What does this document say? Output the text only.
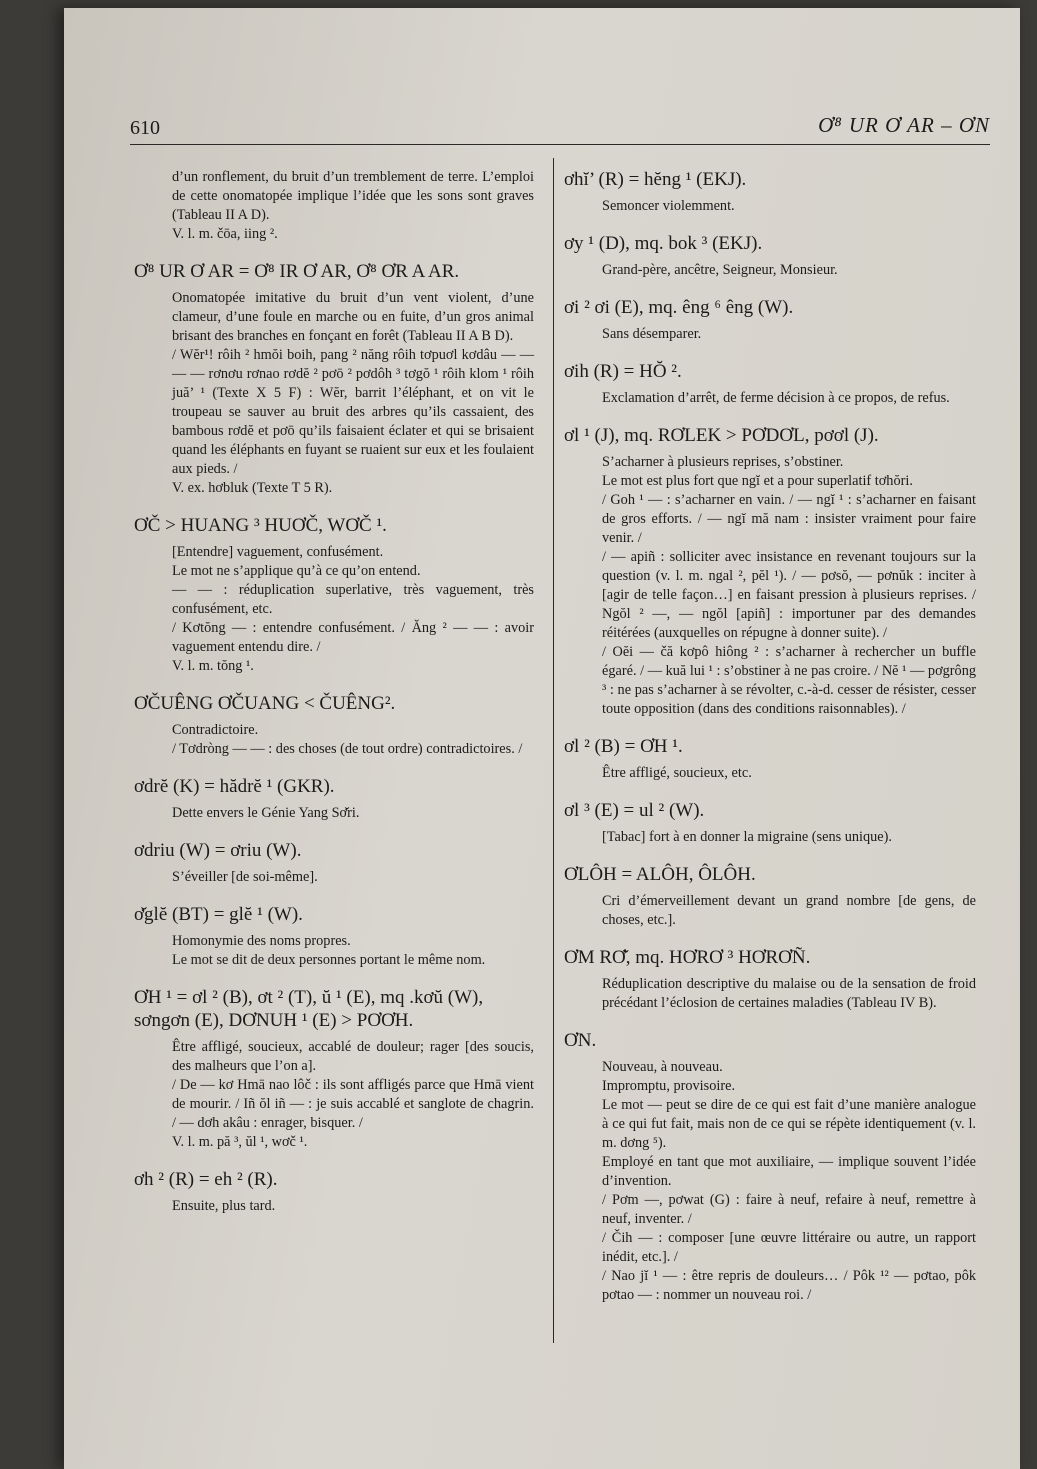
610	Ơ⁸ UR Ơ AR – ƠN
d’un ronflement, du bruit d’un tremblement de terre. L’emploi de cette onomatopée implique l’idée que les sons sont graves (Tableau II A D).
V. l. m. čōa, iing ².
Ơ⁸ UR Ơ AR = Ơ⁸ IR Ơ AR, Ơ⁸ ƠR A AR.
Onomatopée imitative du bruit d’un vent violent, d’une clameur, d’une foule en marche ou en fuite, d’un gros animal brisant des branches en fonçant en forêt (Tableau II A B D).
/ Wĕr¹! rôih ² hmŏi boih, pang ² năng rôih tơpuơl kơdâu — — — — rơnơu rơnao rơdĕ ² pơō ² pơdôh ³ tơgŏ ¹ rôih klom ¹ rôih juă’ ¹ (Texte X 5 F) : Wĕr, barrit l’éléphant, et on vit le troupeau se sauver au bruit des arbres qu’ils cassaient, des bambous rơdĕ et pơō qu’ils faisaient éclater et qui se brisaient quand les éléphants en fuyant se ruaient sur eux et les foulaient aux pieds. /
V. ex. hơbluk (Texte T 5 R).
ƠČ > HUANG ³ HUƠČ, WƠČ ¹.
[Entendre] vaguement, confusément.
Le mot ne s’applique qu’à ce qu’on entend.
— — : réduplication superlative, très vaguement, très confusément, etc.
/ Kơtŏng — : entendre confusément. / Ăng ² — — : avoir vaguement entendu dire. /
V. l. m. tŏng ¹.
ƠČUÊNG ƠČUANG < ČUÊNG².
Contradictoire.
/ Tơdròng — — : des choses (de tout ordre) contradictoires. /
ơdrĕ (K) = hădrĕ ¹ (GKR).
Dette envers le Génie Yang Sơ̆ri.
ơdriu (W) = ơriu (W).
S’éveiller [de soi-même].
ơ̆glĕ (BT) = glĕ ¹ (W).
Homonymie des noms propres.
Le mot se dit de deux personnes portant le même nom.
ƠH ¹ = ơl ² (B), ơt ² (T), ŭ ¹ (E), mq .kơŭ (W), sơngơn (E), DƠNUH ¹ (E) > PƠƠH.
Être affligé, soucieux, accablé de douleur; rager [des soucis, des malheurs que l’on a].
/ De — kơ Hmā nao lôč : ils sont affligés parce que Hmā vient de mourir. / Iñ ŏl iñ — : je suis accablé et sanglote de chagrin. / — dơh akâu : enrager, bisquer. /
V. l. m. pă ³, ŭl ¹, wơč ¹.
ơh ² (R) = eh ² (R).
Ensuite, plus tard.
ơhĭ’ (R) = hĕng ¹ (EKJ).
Semoncer violemment.
ơy ¹ (D), mq. bok ³ (EKJ).
Grand-père, ancêtre, Seigneur, Monsieur.
ơi ² ơi (E), mq. êng ⁶ êng (W).
Sans désemparer.
ơih (R) = HŎ ².
Exclamation d’arrêt, de ferme décision à ce propos, de refus.
ơl ¹ (J), mq. RƠLEK > PƠDƠL, pơơl (J).
S’acharner à plusieurs reprises, s’obstiner.
Le mot est plus fort que ngĭ et a pour superlatif tơhŏri.
/ Goh ¹ — : s’acharner en vain. / — ngĭ ¹ : s’acharner en faisant de gros efforts. / — ngĭ mă nam : insister vraiment pour faire venir. /
/ — apiñ : solliciter avec insistance en revenant toujours sur la question (v. l. m. ngal ², pĕl ¹). / — pơsŏ, — pơnŭk : inciter à [agir de telle façon…] en faisant pression à plusieurs reprises. / Ngŏl ² —, — ngŏl [apiñ] : importuner par des demandes réitérées (auxquelles on répugne à donner suite). /
/ Oĕi — čă kơpô hiông ² : s’acharner à rechercher un buffle égaré. / — kuă lui ¹ : s’obstiner à ne pas croire. / Nĕ ¹ — pơgrông ³ : ne pas s’acharner à se révolter, c.-à-d. cesser de résister, cesser toute opposition (dans des conditions raisonnables). /
ơl ² (B) = ƠH ¹.
Être affligé, soucieux, etc.
ơl ³ (E) = ul ² (W).
[Tabac] fort à en donner la migraine (sens unique).
ƠLÔH = ALÔH, ÔLÔH.
Cri d’émerveillement devant un grand nombre [de gens, de choses, etc.].
ƠM RƠ̆, mq. HƠRƠ ³ HƠRƠÑ.
Réduplication descriptive du malaise ou de la sensation de froid précédant l’éclosion de certaines maladies (Tableau IV B).
ƠN.
Nouveau, à nouveau.
Impromptu, provisoire.
Le mot — peut se dire de ce qui est fait d’une manière analogue à ce qui fut fait, mais non de ce qui se répète identiquement (v. l. m. dơng ⁵).
Employé en tant que mot auxiliaire, — implique souvent l’idée d’invention.
/ Pơm —, pơwat (G) : faire à neuf, refaire à neuf, remettre à neuf, inventer. /
/ Čih — : composer [une œuvre littéraire ou autre, un rapport inédit, etc.]. /
/ Nao jĭ ¹ — : être repris de douleurs… / Pôk ¹² — pơtao, pôk pơtao — : nommer un nouveau roi. /
